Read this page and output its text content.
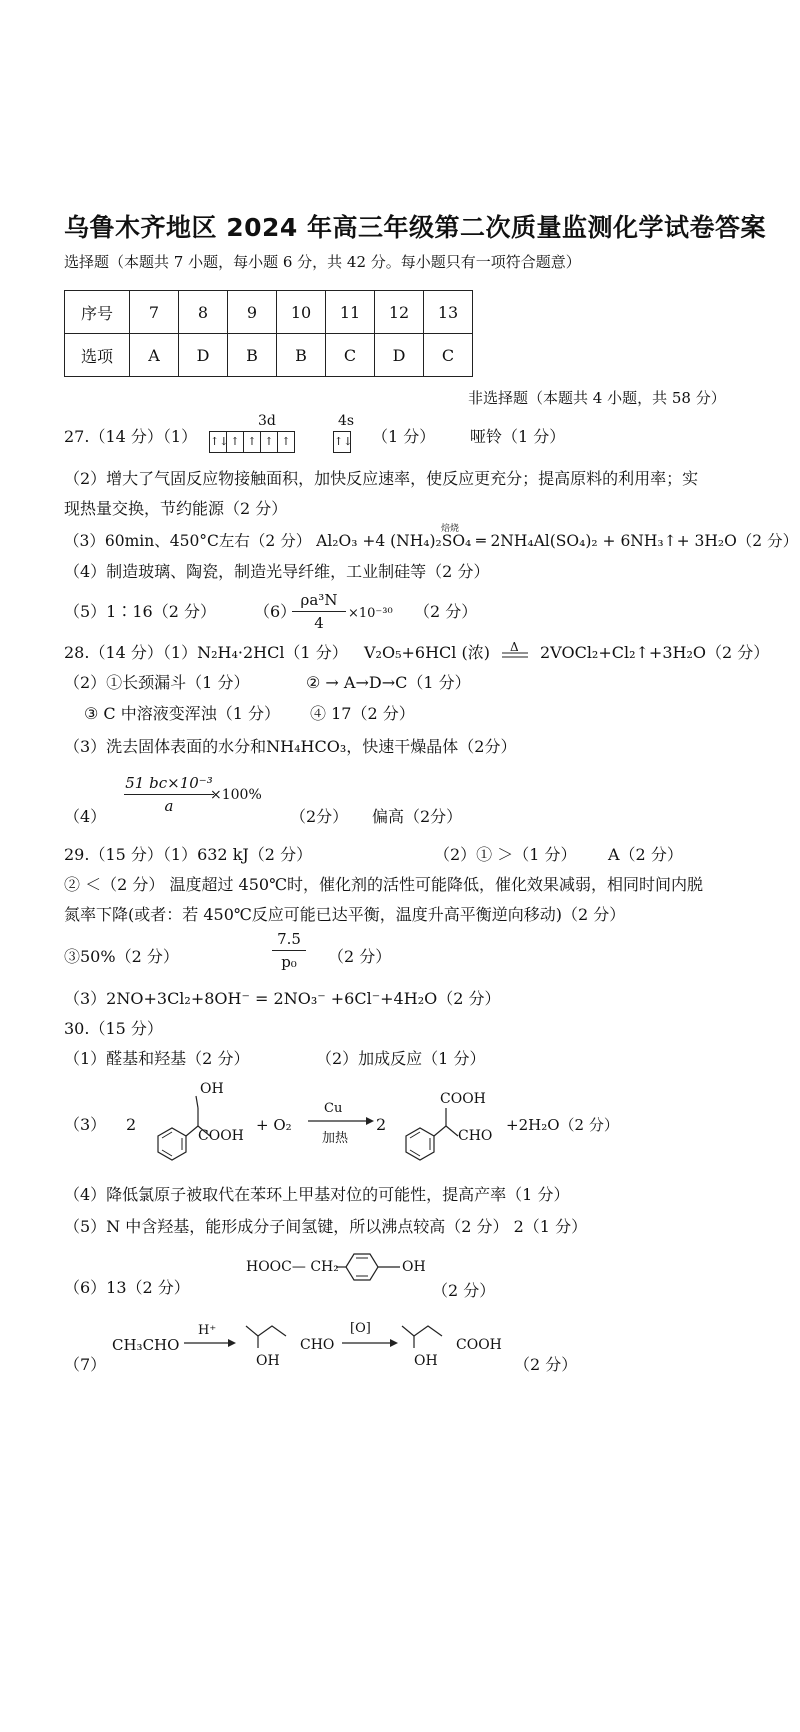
乌鲁木齐地区 2024 年高三年级第二次质量监测化学试卷答案
选择题（本题共 7 小题，每小题 6 分，共 42 分。每小题只有一项符合题意）
序号	7	8	9	10	11	12	13
选项	A	D	B	B	C	D	C
非选择题（本题共 4 小题，共 58 分）
27.（14 分）（1）
3d	4s
↑↓ ↑ ↑ ↑ ↑	↑↓ （1 分） 哑铃（1 分）
（2）增大了气固反应物接触面积，加快反应速率，使反应更充分；提高原料的利用率；实
现热量交换，节约能源（2 分）
焙烧
（3）60min、450°C左右（2 分） Al₂O₃ +4 (NH₄)₂SO₄ ═ 2NH₄Al(SO₄)₂ + 6NH₃↑+ 3H₂O（2 分）
（4）制造玻璃、陶瓷，制造光导纤维，工业制硅等（2 分）
（5）1∶16（2 分） （6）
ρa³N
4
×10⁻³⁰ （2 分）
28.（14 分）（1）N₂H₄·2HCl（1 分） V₂O₅+6HCl (浓) Δ 2VOCl₂+Cl₂↑+3H₂O（2 分）
（2）①长颈漏斗（1 分）	② → A→D→C（1 分）
③ C 中溶液变浑浊（1 分） ④ 17（2 分）
（3）洗去固体表面的水分和NH₄HCO₃，快速干燥晶体（2分）
（4）
51 bc×10⁻³
a
×100%
（2分） 偏高（2分）
29.（15 分）（1）632 kJ（2 分）	（2）① ＞（1 分） A（2 分）
② ＜（2 分） 温度超过 450℃时，催化剂的活性可能降低，催化效果减弱，相同时间内脱
氮率下降(或者：若 450℃反应可能已达平衡，温度升高平衡逆向移动)（2 分）
③50%（2 分）
7.5
p₀	（2 分）
（3）2NO+3Cl₂+8OH⁻ = 2NO₃⁻ +6Cl⁻+4H₂O（2 分）
30.（15 分）
（1）醛基和羟基（2 分）	（2）加成反应（1 分）
（3） 2
OH
COOH
+ O₂
Cu
加热
2
COOH
CHO
+2H₂O（2 分）
（4）降低氯原子被取代在苯环上甲基对位的可能性，提高产率（1 分）
（5）N 中含羟基，能形成分子间氢键，所以沸点较高（2 分） 2（1 分）
（6）13（2 分）
HOOC— CH₂	OH
（2 分）
（7）
CH₃CHO
H⁺
CHO
OH
[O]
COOH
OH	（2 分）
